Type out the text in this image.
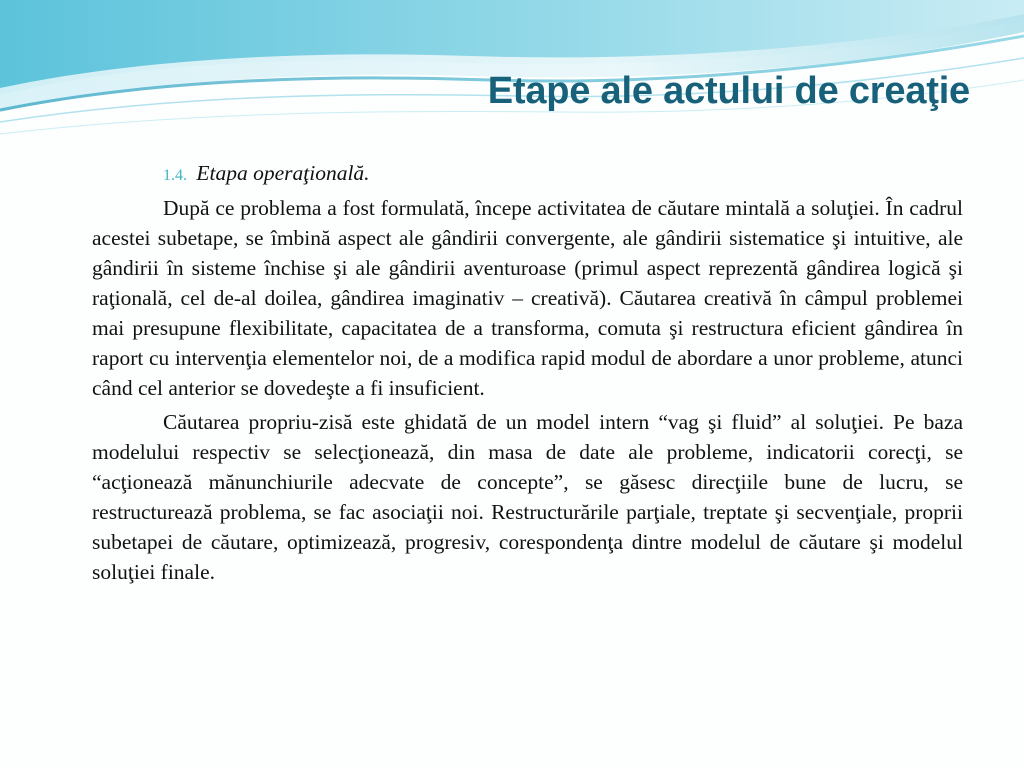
Etape ale actului de creaţie

1.4. Etapa operaţională.

După ce problema a fost formulată, începe activitatea de căutare mintală a soluţiei. În cadrul acestei subetape, se îmbină aspect ale gândirii convergente, ale gândirii sistematice şi intuitive, ale gândirii în sisteme închise şi ale gândirii aventuroase (primul aspect reprezentă gândirea logică şi raţională, cel de-al doilea, gândirea imaginativ – creativă). Căutarea creativă în câmpul problemei mai presupune flexibilitate, capacitatea de a transforma, comuta şi restructura eficient gândirea în raport cu intervenţia elementelor noi, de a modifica rapid modul de abordare a unor probleme, atunci când cel anterior se dovedeşte a fi insuficient.

Căutarea propriu-zisă este ghidată de un model intern “vag şi fluid” al soluţiei. Pe baza modelului respectiv se selecţionează, din masa de date ale probleme, indicatorii corecţi, se “acţionează mănunchiurile adecvate de concepte”, se găsesc direcţiile bune de lucru, se restructurează problema, se fac asociaţii noi. Restructurările parţiale, treptate şi secvenţiale, proprii subetapei de căutare, optimizează, progresiv, corespondenţa dintre modelul de căutare şi modelul soluţiei finale.
